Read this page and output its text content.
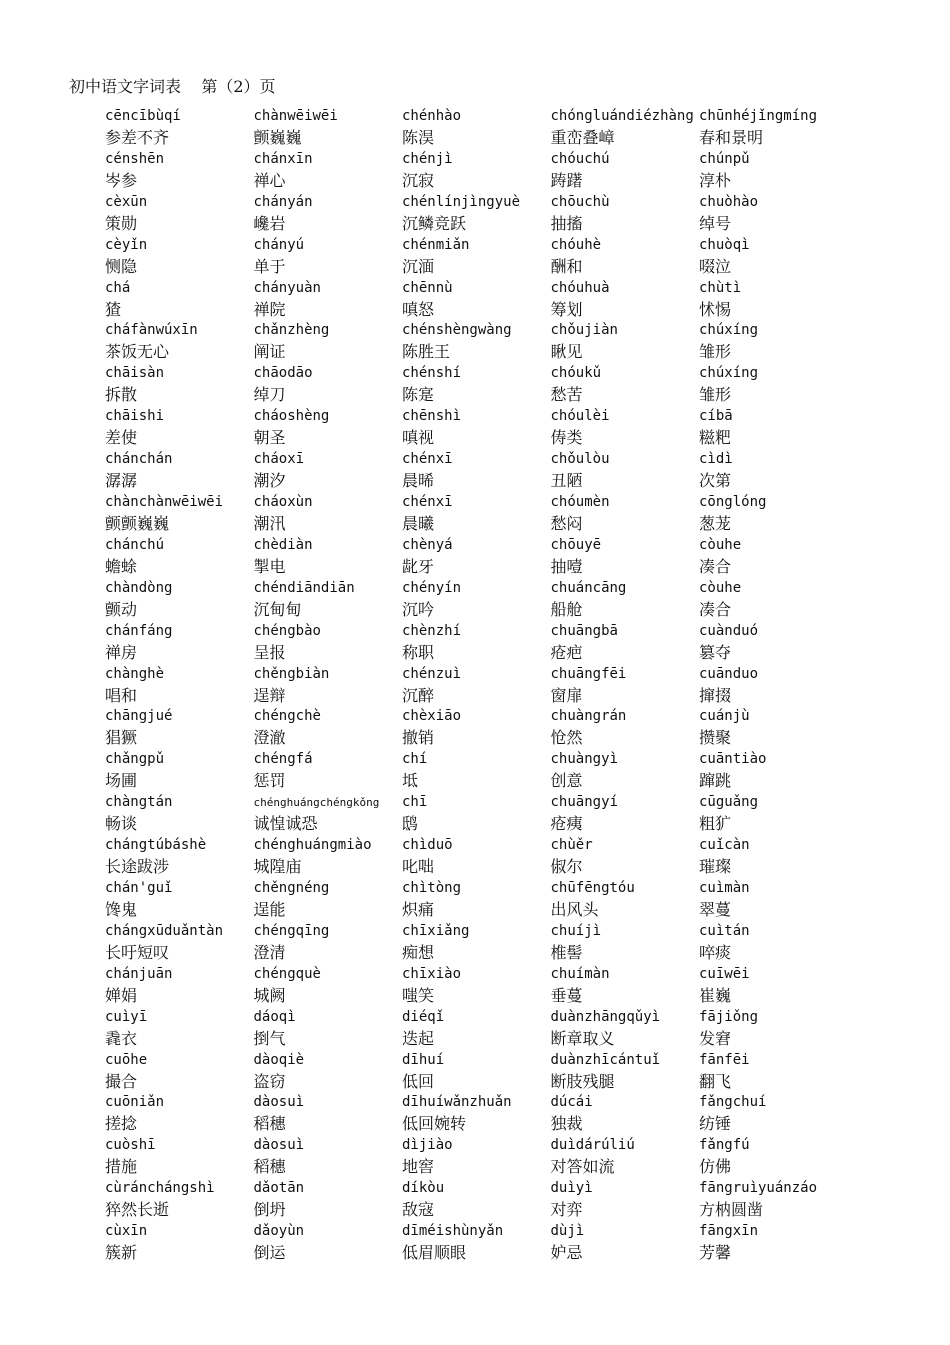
初中语文字词表    第（2）页
cēncībùqí
参差不齐
chànwēiwēi
颤巍巍
chénhào
陈淏
chóngluándiézhàng
重峦叠嶂
chūnhéjǐngmíng
春和景明
cénshēn
岑参
chánxīn
禅心
chénjì
沉寂
chóuchú
踌躇
chúnpǔ
淳朴
cèxūn
策勋
chányán
巉岩
chénlínjìngyuè
沉鳞竞跃
chōuchù
抽搐
chuòhào
绰号
cèyǐn
恻隐
chányú
单于
chénmiǎn
沉湎
chóuhè
酬和
chuòqì
啜泣
chá
猹
chányuàn
禅院
chēnnù
嗔怒
chóuhuà
筹划
chùtì
怵惕
cháfànwúxīn
茶饭无心
chǎnzhèng
阐证
chénshèngwàng
陈胜王
chǒujiàn
瞅见
chúxíng
雏形
chāisàn
拆散
chāodāo
绰刀
chénshí
陈寔
chóukǔ
愁苦
chúxíng
雏形
chāishi
差使
cháoshèng
朝圣
chēnshì
嗔视
chóulèi
俦类
cíbā
糍粑
chánchán
潺潺
cháoxī
潮汐
chénxī
晨晞
chǒulòu
丑陋
cìdì
次第
chànchànwēiwēi
颤颤巍巍
cháoxùn
潮汛
chénxī
晨曦
chóumèn
愁闷
cōnglóng
葱茏
chánchú
蟾蜍
chèdiàn
掣电
chènyá
龀牙
chōuyē
抽噎
còuhe
凑合
chàndòng
颤动
chéndiāndiān
沉甸甸
chényín
沉吟
chuáncāng
船舱
còuhe
凑合
chánfáng
禅房
chéngbào
呈报
chènzhí
称职
chuāngbā
疮疤
cuànduó
篡夺
chànghè
唱和
chěngbiàn
逞辩
chénzuì
沉醉
chuāngfēi
窗扉
cuānduo
撺掇
chāngjué
猖獗
chéngchè
澄澈
chèxiāo
撤销
chuàngrán
怆然
cuánjù
攒聚
chǎngpǔ
场圃
chéngfá
惩罚
chí
坻
chuàngyì
创意
cuāntiào
蹿跳
chàngtán
畅谈
chénghuángchéngkǒng
诚惶诚恐
chī
鸱
chuāngyí
疮痍
cūguǎng
粗犷
chángtúbáshè
长途跋涉
chénghuángmiào
城隍庙
chìduō
叱咄
chùěr
俶尔
cuǐcàn
璀璨
chán'guǐ
馋鬼
chěngnéng
逞能
chìtòng
炽痛
chūfēngtóu
出风头
cuìmàn
翠蔓
chángxūduǎntàn
长吁短叹
chéngqīng
澄清
chīxiǎng
痴想
chuíjì
椎髻
cuìtán
啐痰
chánjuān
婵娟
chéngquè
城阙
chīxiào
嗤笑
chuímàn
垂蔓
cuīwēi
崔巍
cuìyī
毳衣
dáoqì
捯气
diéqǐ
迭起
duànzhāngqǔyì
断章取义
fājiǒng
发窘
cuōhe
撮合
dàoqiè
盗窃
dīhuí
低回
duànzhīcántuǐ
断肢残腿
fānfēi
翻飞
cuōniǎn
搓捻
dàosuì
稻穗
dīhuíwǎnzhuǎn
低回婉转
dúcái
独裁
fǎngchuí
纺锤
cuòshī
措施
dàosuì
稻穗
dìjiào
地窖
duìdárúliú
对答如流
fǎngfú
仿佛
cùránchángshì
猝然长逝
dǎotān
倒坍
díkòu
敌寇
duìyì
对弈
fāngruìyuánzáo
方枘圆凿
cùxīn
簇新
dǎoyùn
倒运
dīméishùnyǎn
低眉顺眼
dùjì
妒忌
fāngxīn
芳馨
